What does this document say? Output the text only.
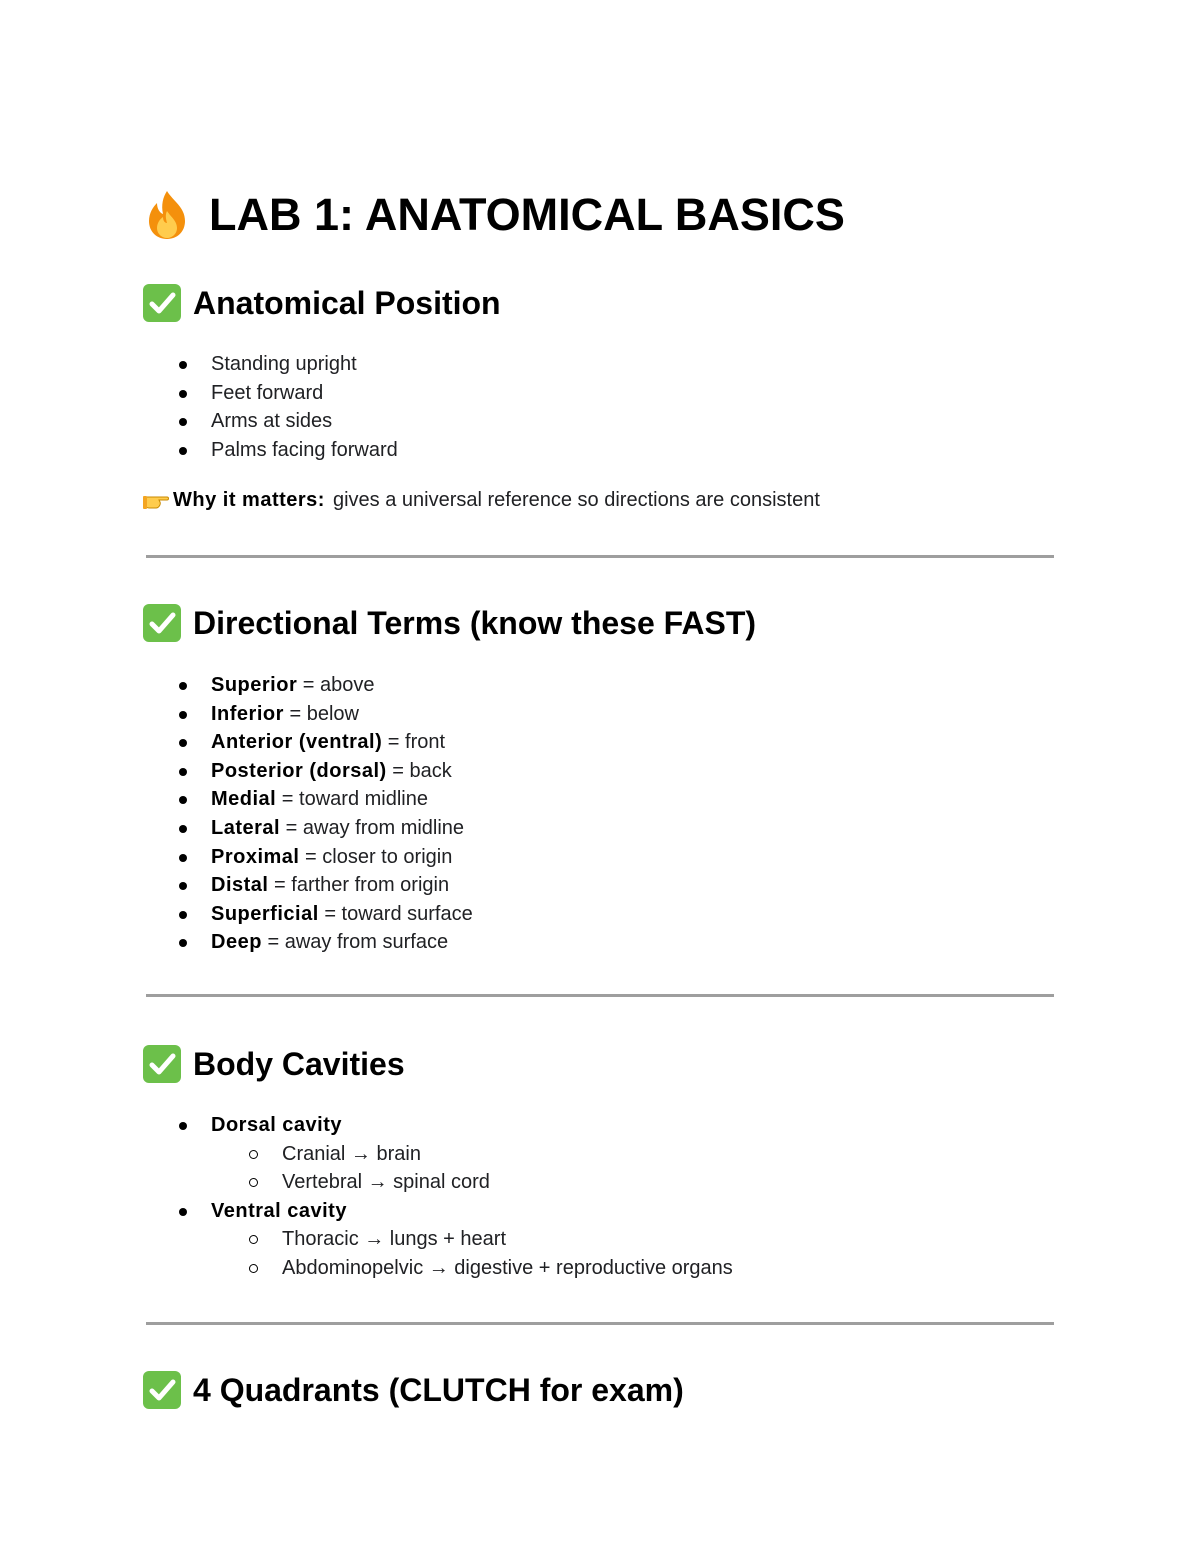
LAB 1: ANATOMICAL BASICS
Anatomical Position
Standing upright
Feet forward
Arms at sides
Palms facing forward
Why it matters: gives a universal reference so directions are consistent
Directional Terms (know these FAST)
Superior = above
Inferior = below
Anterior (ventral) = front
Posterior (dorsal) = back
Medial = toward midline
Lateral = away from midline
Proximal = closer to origin
Distal = farther from origin
Superficial = toward surface
Deep = away from surface
Body Cavities
Dorsal cavity
Cranial → brain
Vertebral → spinal cord
Ventral cavity
Thoracic → lungs + heart
Abdominopelvic → digestive + reproductive organs
4 Quadrants (CLUTCH for exam)
